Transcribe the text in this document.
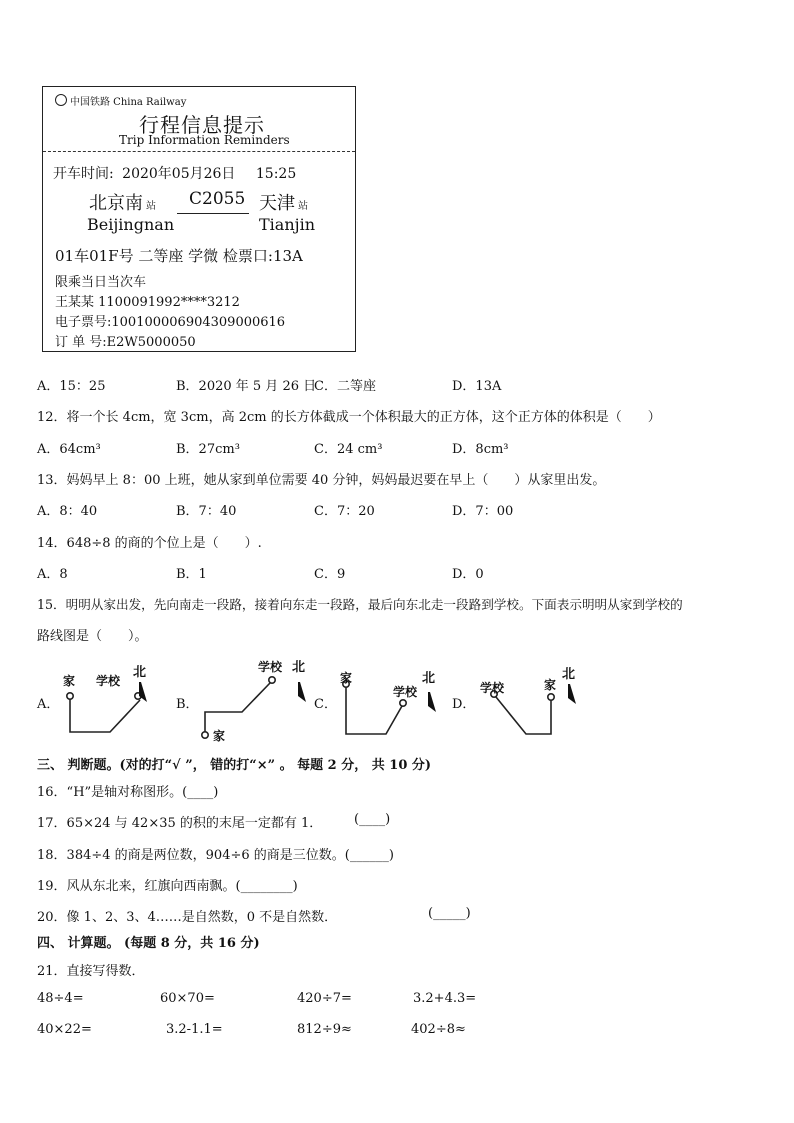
中国铁路 China Railway
行程信息提示
Trip Information Reminders
开车时间: 2020年05月26日 15:25
北京南 站
Beijingnan
C2055 天津 站
Tianjin
01车01F号 二等座 学微 检票口:13A
限乘当日当次车
王某某 1100091992****3212
电子票号:10010000690430900061​6
订 单 号:E2W5000050
A．15：25	B．2020 年 5 月 26 日
C．二等座	D．13A
12．将一个长 4cm，宽 3cm，高 2cm 的长方体截成一个体积最大的正方体，这个正方体的体积是（　　）
A．64cm³	B．27cm³	C．24 cm³	D．8cm³
13．妈妈早上 8：00 上班，她从家到单位需要 40 分钟，妈妈最迟要在早上（　　）从家里出发。
A．8：40	B．7：40	C．7：20	D．7：00
14．648÷8 的商的个位上是（　　）.
A．8	B．1	C．9	D．0
15．明明从家出发，先向南走一段路，接着向东走一段路，最后向东北走一段路到学校。下面表示明明从家到学校的
路线图是（　　）。
家 学校
北
家
学校 北
家
学校
北
学校	家
北
A．	B．	C．	D．
三、 判断题。(对的打“√ ”， 错的打“×” 。 每题 2 分， 共 10 分)
16．“H”是轴对称图形。(____)
17．65×24 与 42×35 的积的末尾一定都有 1． (____)
18．384÷4 的商是两位数，904÷6 的商是三位数。(______)
19．风从东北来，红旗向西南飘。(________)
20．像 1、2、3、4……是自然数，0 不是自然数．	(_____)
四、 计算题。 (每题 8 分，共 16 分)
21．直接写得数．
48÷4=	60×70=	420÷7=	3.2+4.3=
40×22=	3.2-1.1=	812÷9≈	402÷8≈
